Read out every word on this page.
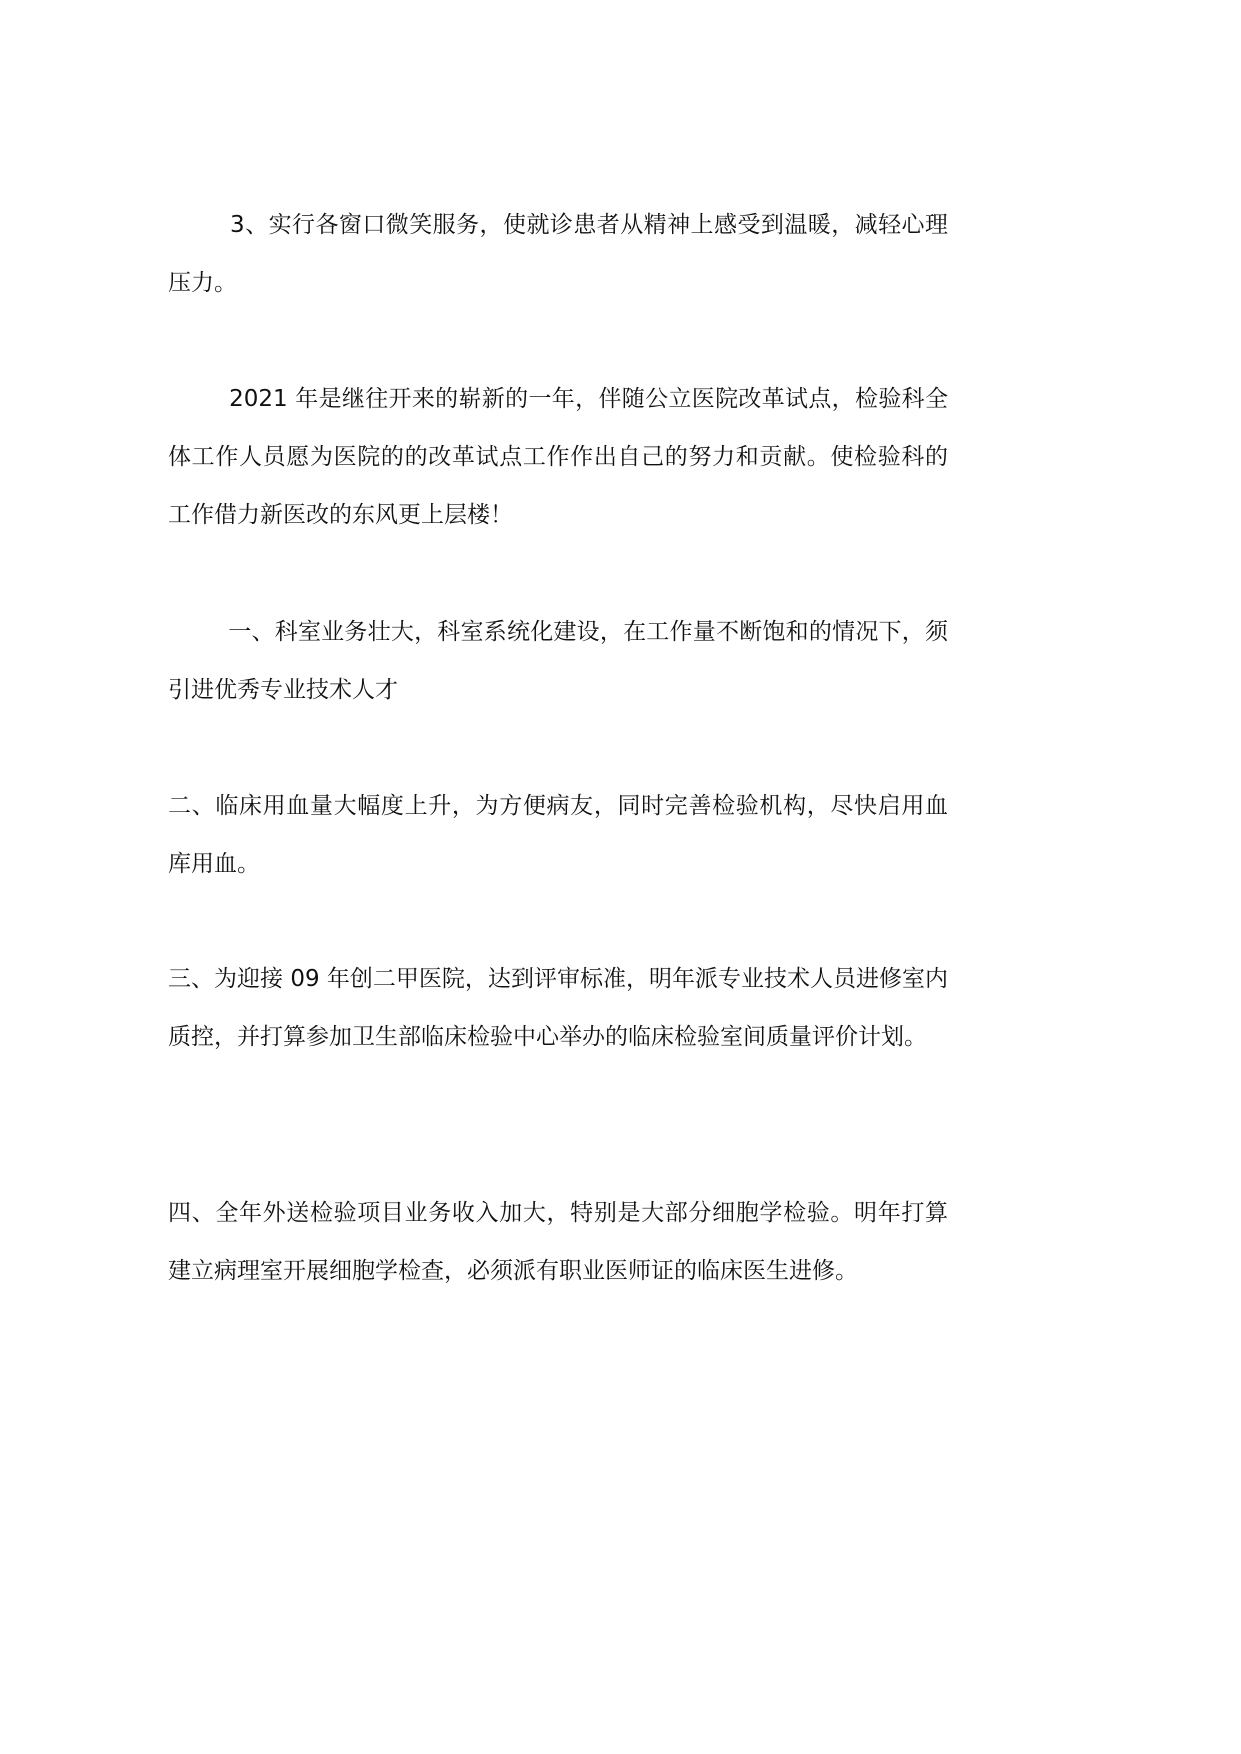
3、实行各窗口微笑服务，使就诊患者从精神上感受到温暖，减轻心理压力。

2021 年是继往开来的崭新的一年，伴随公立医院改革试点，检验科全体工作人员愿为医院的的改革试点工作作出自己的努力和贡献。使检验科的工作借力新医改的东风更上层楼！

一、科室业务壮大，科室系统化建设，在工作量不断饱和的情况下，须引进优秀专业技术人才

二、临床用血量大幅度上升，为方便病友，同时完善检验机构，尽快启用血库用血。

三、为迎接 09 年创二甲医院，达到评审标准，明年派专业技术人员进修室内质控，并打算参加卫生部临床检验中心举办的临床检验室间质量评价计划。

四、全年外送检验项目业务收入加大，特别是大部分细胞学检验。明年打算建立病理室开展细胞学检查，必须派有职业医师证的临床医生进修。
